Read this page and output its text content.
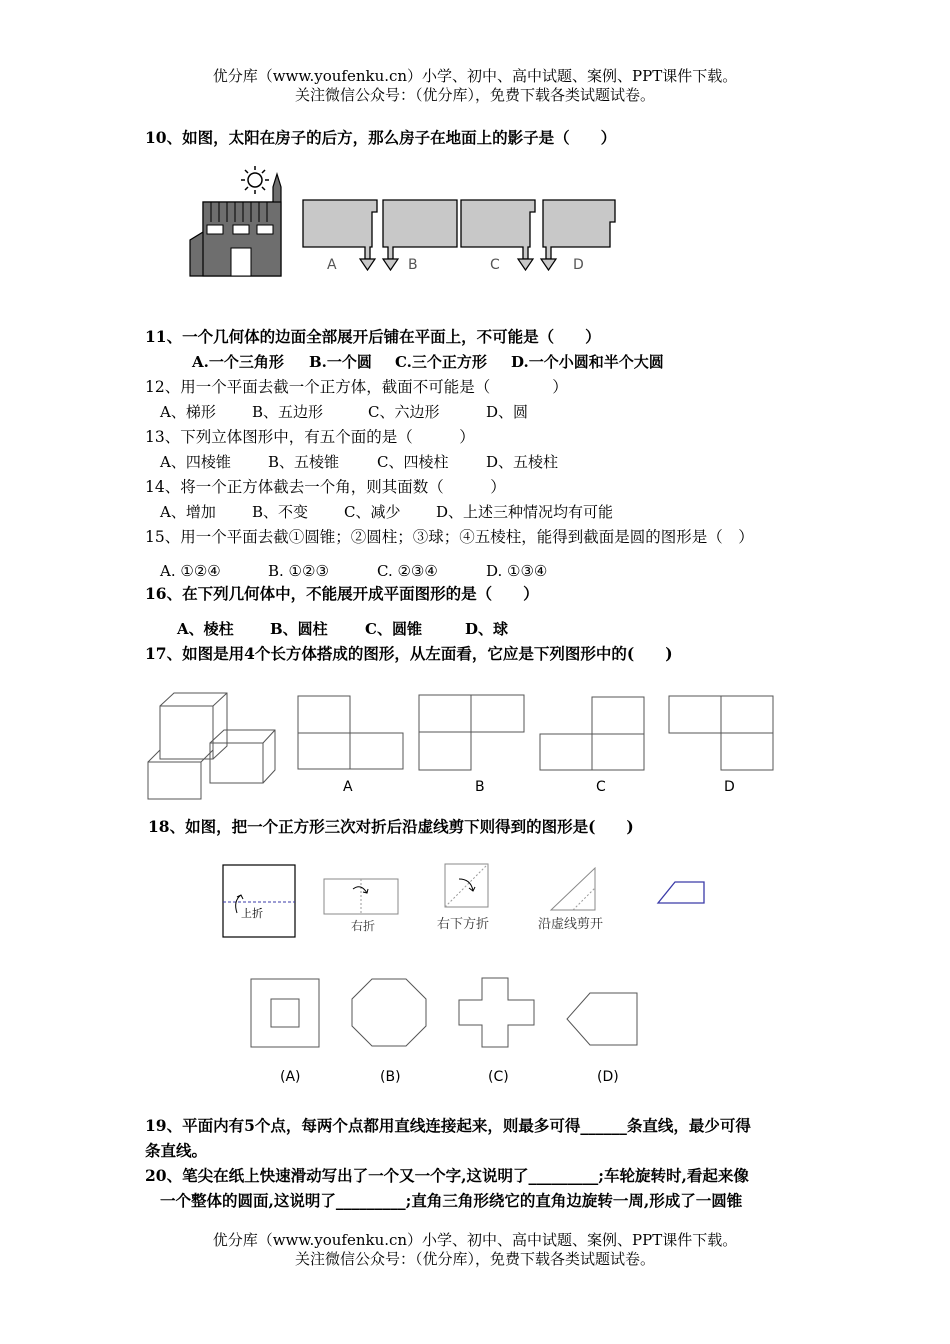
优分库（www.youfenku.cn）小学、初中、高中试题、案例、PPT课件下载。
关注微信公众号：（优分库），免费下载各类试题试卷。
10、如图，太阳在房子的后方，那么房子在地面上的影子是（　　）
A	B	C	D
11、一个几何体的边面全部展开后铺在平面上，不可能是（　　）
A.一个三角形 B.一个圆 C.三个正方形 D.一个小圆和半个大圆
12、用一个平面去截一个正方体，截面不可能是（　　　　）
A、梯形 B、五边形	C、六边形	D、圆
13、下列立体图形中，有五个面的是（　　　）
A、四棱锥 B、五棱锥	C、四棱柱	D、五棱柱
14、将一个正方体截去一个角，则其面数（　　　）
A、增加 B、不变 C、减少 D、上述三种情况均有可能
15、用一个平面去截①圆锥；②圆柱；③球；④五棱柱，能得到截面是圆的图形是（　）
A. ①②④	B. ①②③	C. ②③④	D. ①③④
16、在下列几何体中，不能展开成平面图形的是（　　）
A、棱柱 B、圆柱 C、圆锥	D、球
17、如图是用4个长方体搭成的图形，从左面看，它应是下列图形中的(　　)
A	B	C	D
18、如图，把一个正方形三次对折后沿虚线剪下则得到的图形是(　　)
上折
右折	右下方折	沿虚线剪开
(A)	(B)	(C)	(D)
19、平面内有5个点，每两个点都用直线连接起来，则最多可得______条直线，最少可得
条直线。
20、笔尖在纸上快速滑动写出了一个又一个字,这说明了_________;车轮旋转时,看起来像
一个整体的圆面,这说明了_________;直角三角形绕它的直角边旋转一周,形成了一圆锥
优分库（www.youfenku.cn）小学、初中、高中试题、案例、PPT课件下载。
关注微信公众号：（优分库），免费下载各类试题试卷。
